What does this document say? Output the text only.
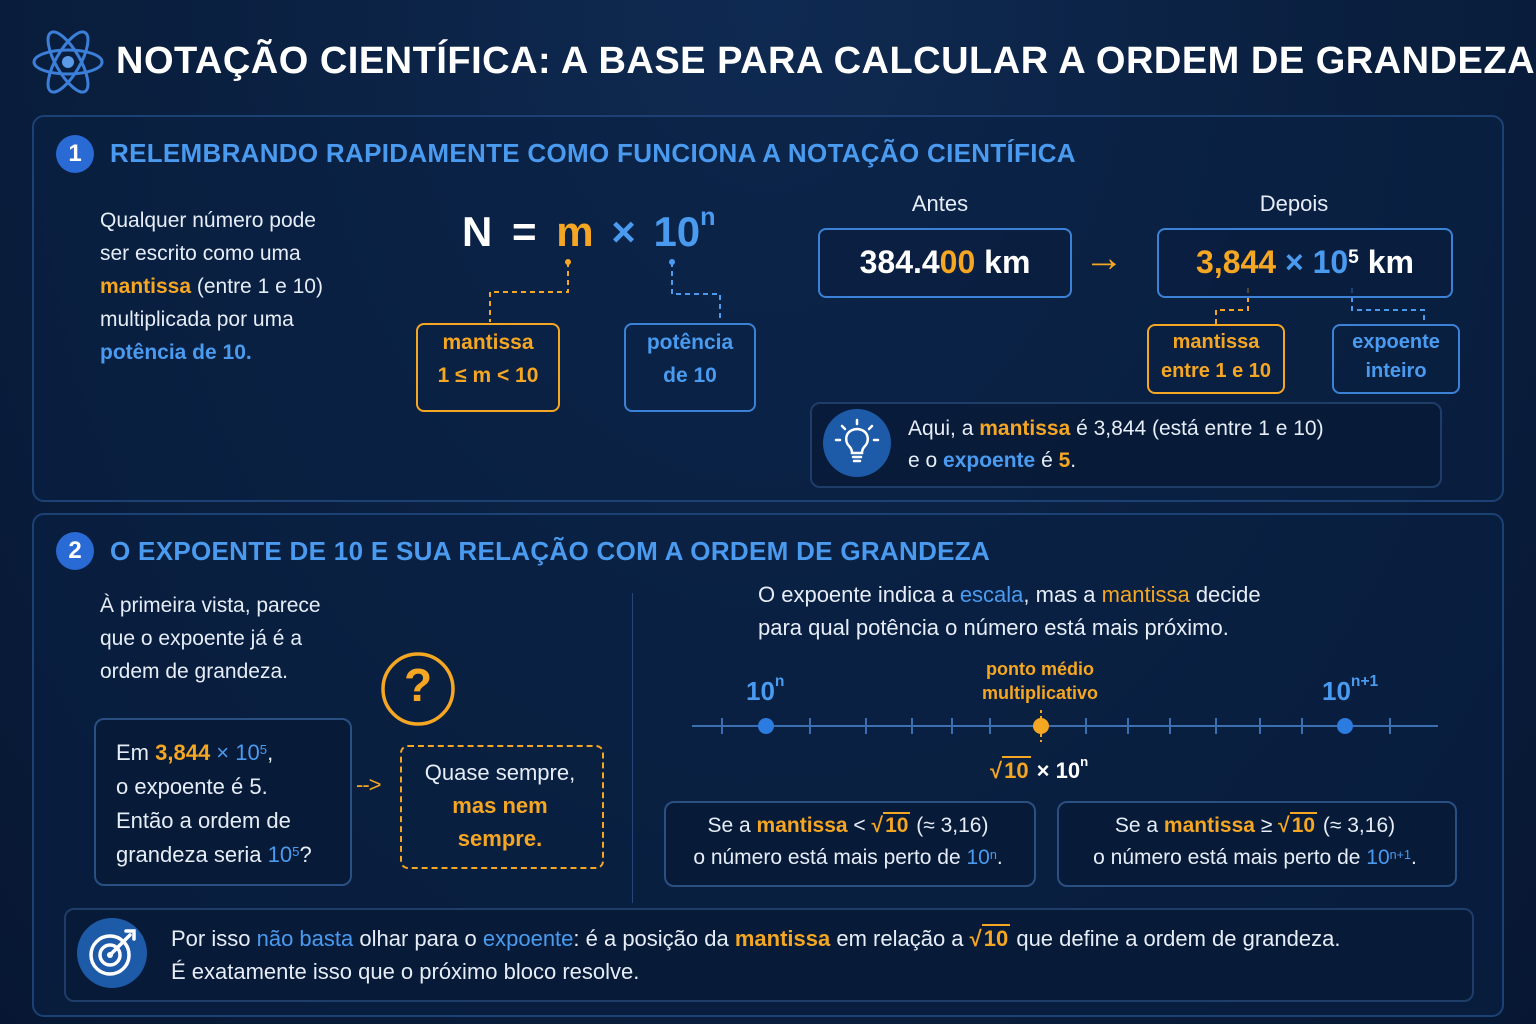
NOTAÇÃO CIENTÍFICA: A BASE PARA CALCULAR A ORDEM DE GRANDEZA
1	RELEMBRANDO RAPIDAMENTE COMO FUNCIONA A NOTAÇÃO CIENTÍFICA
Qualquer número pode
ser escrito como uma
mantissa (entre 1 e 10)
multiplicada por uma
potência de 10.
$N = m \times 10^n$
mantissa
1 ≤ m < 10
potência
de 10
Antes	Depois
384.400 km	→	$3,844 \times 10^5$ km
mantissa
entre 1 e 10
expoente
inteiro
Aqui, a mantissa é 3,844 (está entre 1 e 10)
e o expoente é 5.
2	O EXPOENTE DE 10 E SUA RELAÇÃO COM A ORDEM DE GRANDEZA
À primeira vista, parece
que o expoente já é a
ordem de grandeza.	?
Em $3,844 \times 10^5$,
o expoente é 5.
Então a ordem de
grandeza seria $10^5$?
-->	Quase sempre,
mas nem
sempre.
O expoente indica a escala, mas a mantissa decide
para qual potência o número está mais próximo.
10$^n$	$10^{n+1}$
ponto médio
multiplicativo
$√10 \times 10^n$
Se a mantissa < √10 (≈ 3,16)
o número está mais perto de 10$^n$.
Se a mantissa ≥ √10 (≈ 3,16)
o número está mais perto de $10^{n+1}$.
Por isso não basta olhar para o expoente: é a posição da mantissa em relação a √10 que define a ordem de grandeza.
É exatamente isso que o próximo bloco resolve.
